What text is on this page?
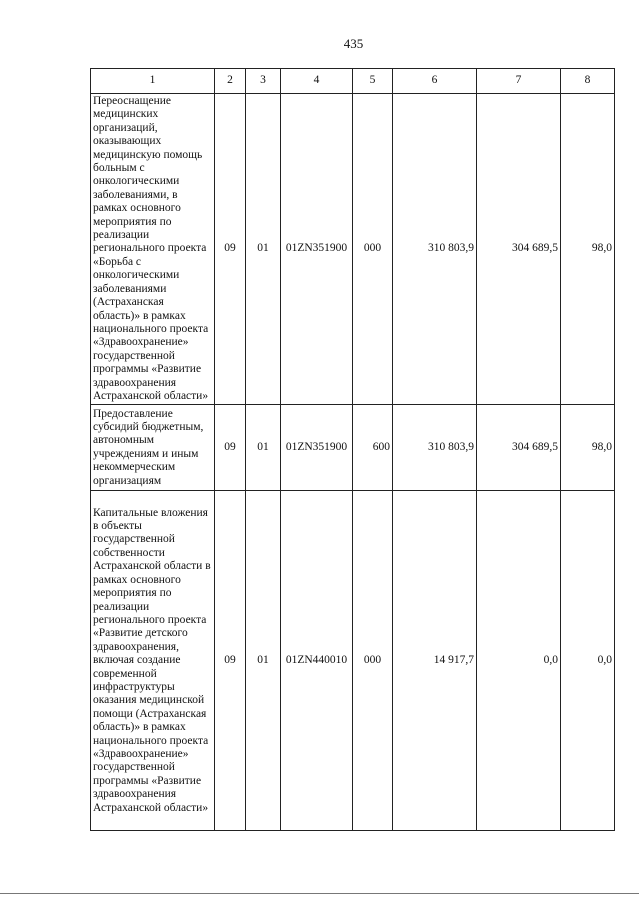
435
1	2	3	4	5	6	7	8
Переоснащение медицинских организаций, оказывающих медицинскую помощь больным с онкологическими заболеваниями, в рамках основного мероприятия по реализации регионального проекта «Борьба с онкологическими заболеваниями (Астраханская область)» в рамках национального проекта «Здравоохранение» государственной программы «Развитие здравоохранения Астраханской области»	09	01	01ZN351900	000	310 803,9	304 689,5	98,0
Предоставление субсидий бюджетным, автономным учреждениям и иным некоммерческим организациям	09	01	01ZN351900	600	310 803,9	304 689,5	98,0
Капитальные вложения в объекты государственной собственности Астраханской области в рамках основного мероприятия по реализации регионального проекта «Развитие детского здравоохранения, включая создание современной инфраструктуры оказания медицинской помощи (Астраханская область)» в рамках национального проекта «Здравоохранение» государственной программы «Развитие здравоохранения Астраханской области»	09	01	01ZN440010	000	14 917,7	0,0	0,0
